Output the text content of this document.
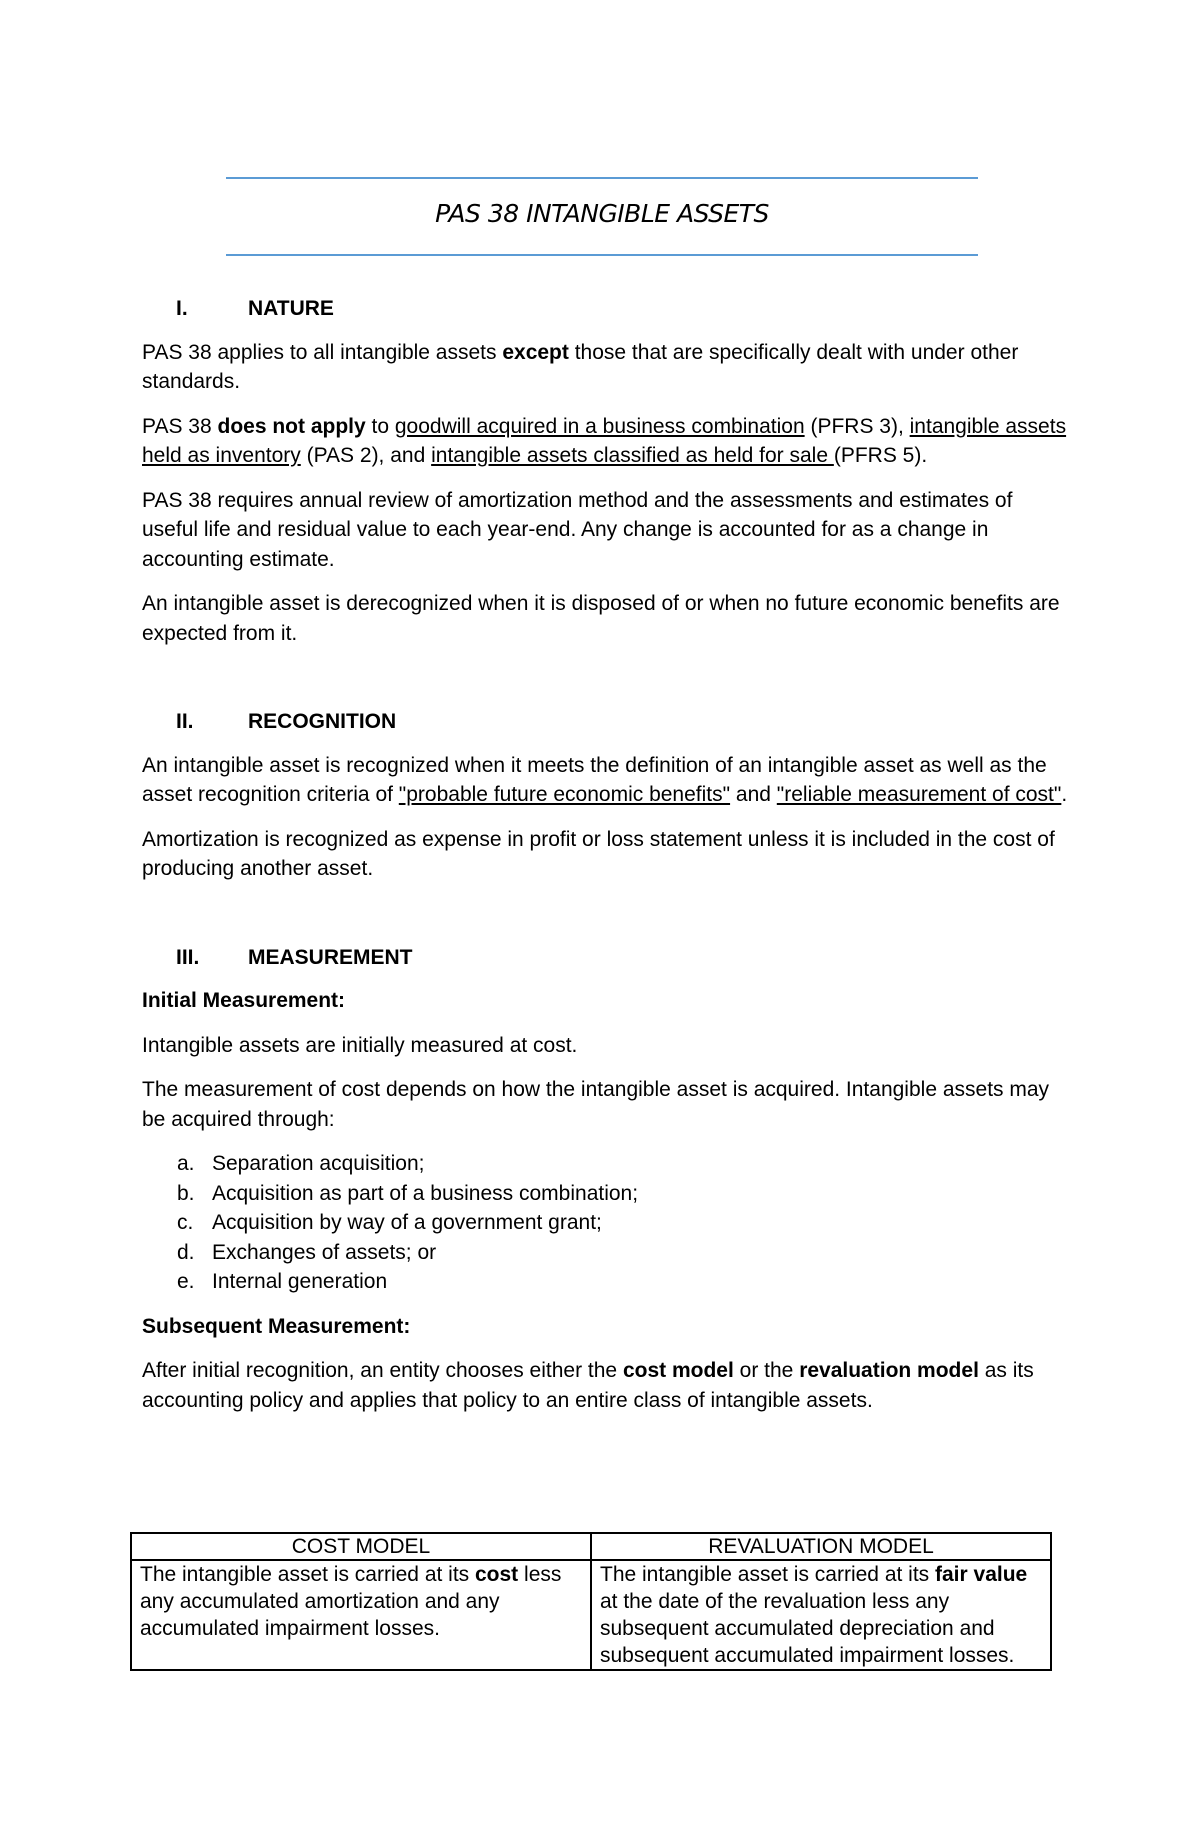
PAS 38 INTANGIBLE ASSETS
I.	NATURE

PAS 38 applies to all intangible assets except those that are specifically dealt with under other standards.

PAS 38 does not apply to goodwill acquired in a business combination (PFRS 3), intangible assets held as inventory (PAS 2), and intangible assets classified as held for sale (PFRS 5).

PAS 38 requires annual review of amortization method and the assessments and estimates of useful life and residual value to each year-end. Any change is accounted for as a change in accounting estimate.

An intangible asset is derecognized when it is disposed of or when no future economic benefits are expected from it.

II.	RECOGNITION

An intangible asset is recognized when it meets the definition of an intangible asset as well as the asset recognition criteria of "probable future economic benefits" and "reliable measurement of cost".

Amortization is recognized as expense in profit or loss statement unless it is included in the cost of producing another asset.

III.	MEASUREMENT
Initial Measurement:

Intangible assets are initially measured at cost.

The measurement of cost depends on how the intangible asset is acquired. Intangible assets may be acquired through:

a. Separation acquisition;
b. Acquisition as part of a business combination;
c. Acquisition by way of a government grant;
d. Exchanges of assets; or
e. Internal generation
Subsequent Measurement:

After initial recognition, an entity chooses either the cost model or the revaluation model as its accounting policy and applies that policy to an entire class of intangible assets.

COST MODEL	REVALUATION MODEL
The intangible asset is carried at its cost less any accumulated amortization and any accumulated impairment losses.	The intangible asset is carried at its fair value at the date of the revaluation less any subsequent accumulated depreciation and subsequent accumulated impairment losses.
